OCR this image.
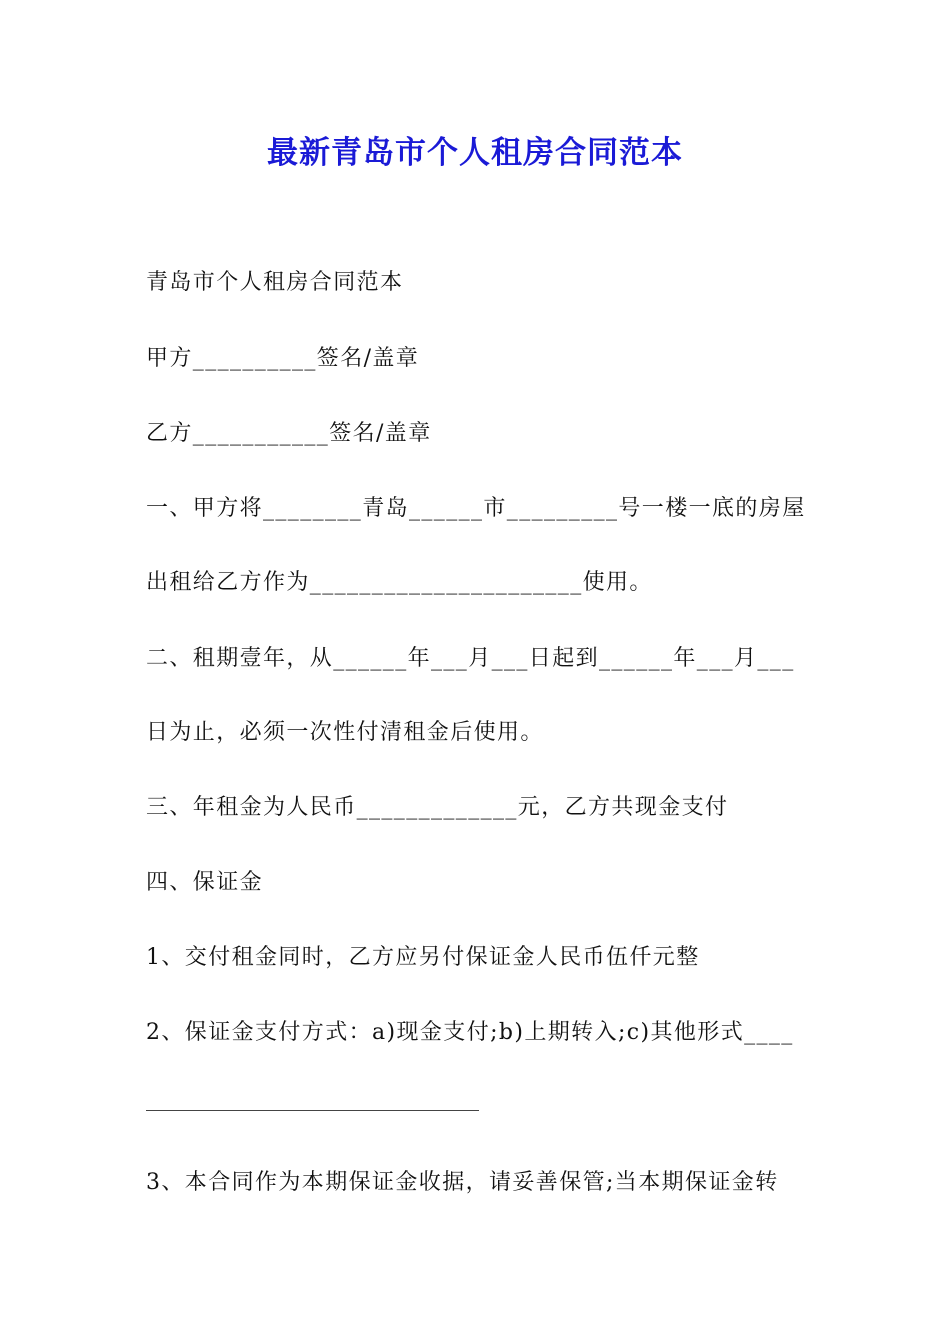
最新青岛市个人租房合同范本

青岛市个人租房合同范本

甲方__________签名/盖章

乙方___________签名/盖章

一、甲方将________青岛______市_________号一楼一底的房屋

出租给乙方作为______________________使用。

二、租期壹年，从______年___月___日起到______年___月___

日为止，必须一次性付清租金后使用。

三、年租金为人民币_____________元，乙方共现金支付

四、保证金

1、交付租金同时，乙方应另付保证金人民币伍仟元整

2、保证金支付方式：a)现金支付;b)上期转入;c)其他形式____

3、本合同作为本期保证金收据，请妥善保管;当本期保证金转
